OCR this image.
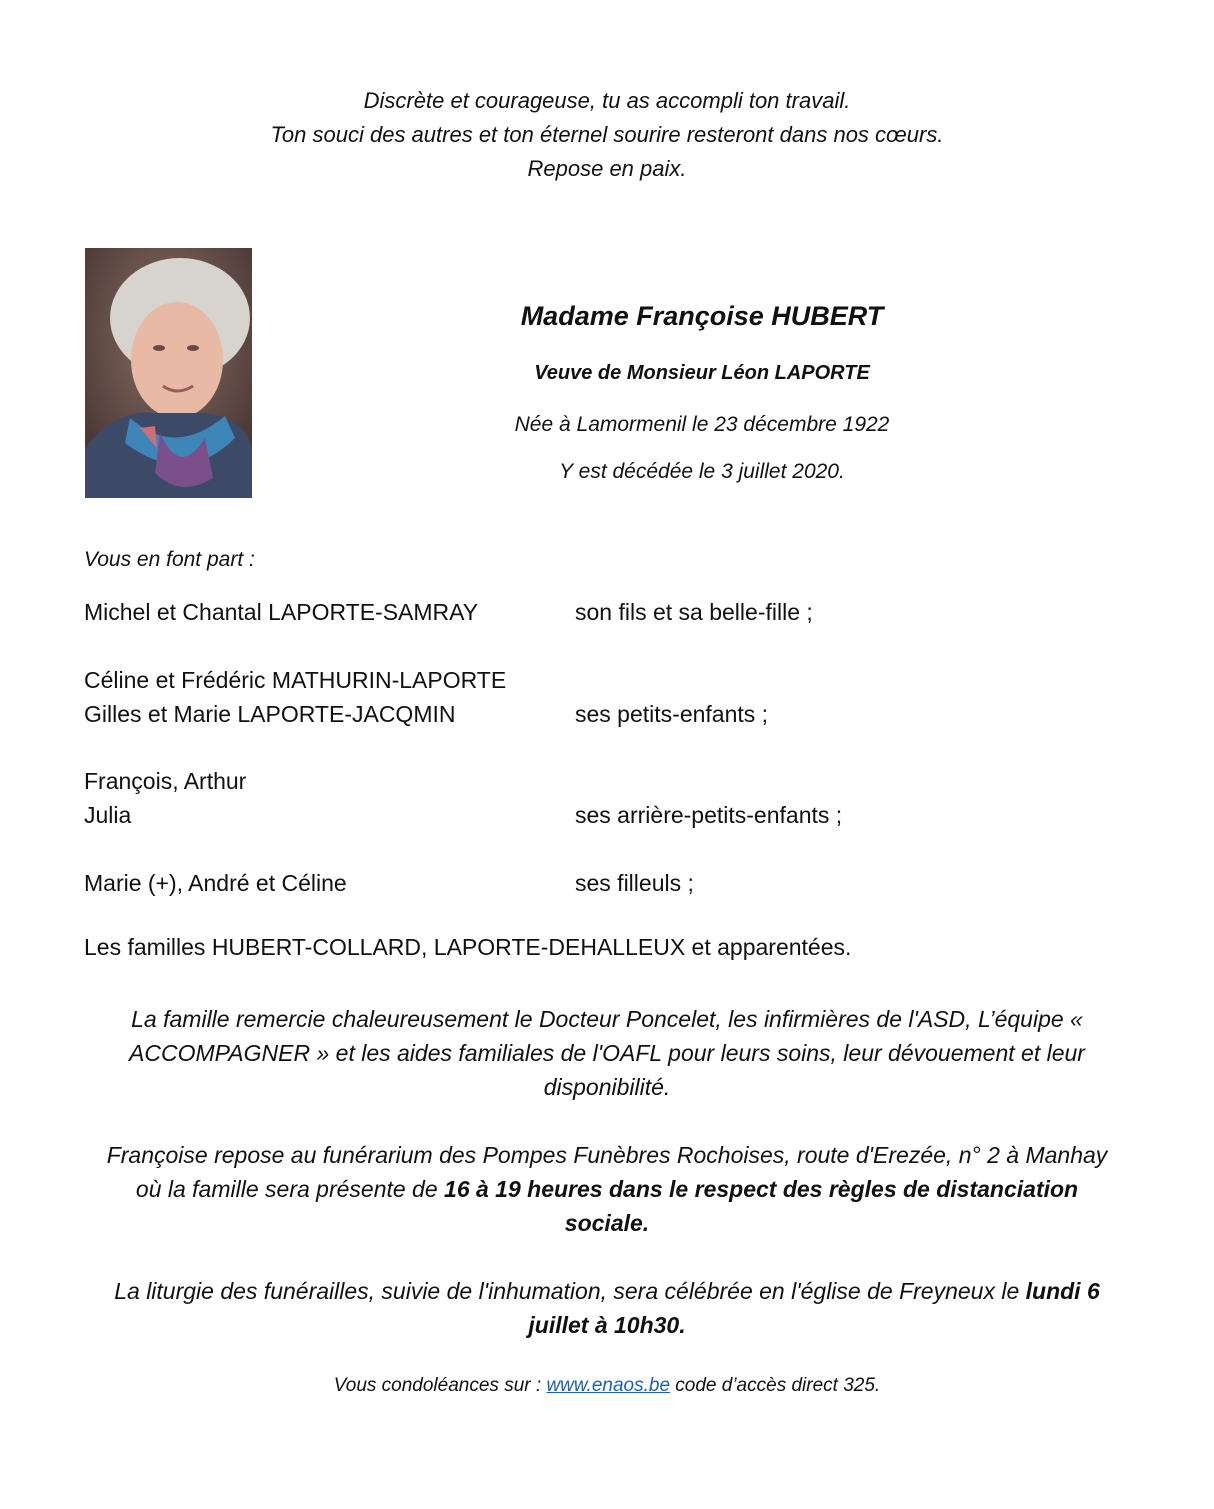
Discrète et courageuse, tu as accompli ton travail.
Ton souci des autres et ton éternel sourire resteront dans nos cœurs.
Repose en paix.
Madame Françoise HUBERT
Veuve de Monsieur Léon LAPORTE
Née à Lamormenil le 23 décembre 1922
Y est décédée le 3 juillet 2020.
Vous en font part :
Michel et Chantal LAPORTE-SAMRAY	son fils et sa belle-fille ;
Céline et Frédéric MATHURIN-LAPORTE
Gilles et Marie LAPORTE-JACQMIN	ses petits-enfants ;
François, Arthur
Julia	ses arrière-petits-enfants ;
Marie (+), André et Céline	ses filleuls ;
Les familles HUBERT-COLLARD, LAPORTE-DEHALLEUX et apparentées.
La famille remercie chaleureusement le Docteur Poncelet, les infirmières de l'ASD, L’équipe « ACCOMPAGNER » et les aides familiales de l'OAFL pour leurs soins, leur dévouement et leur disponibilité.
Françoise repose au funérarium des Pompes Funèbres Rochoises, route d'Erezée, n° 2 à Manhay où la famille sera présente de 16 à 19 heures dans le respect des règles de distanciation sociale.
La liturgie des funérailles, suivie de l'inhumation, sera célébrée en l'église de Freyneux le lundi 6 juillet à 10h30.
Vous condoléances sur : www.enaos.be code d’accès direct 325.
